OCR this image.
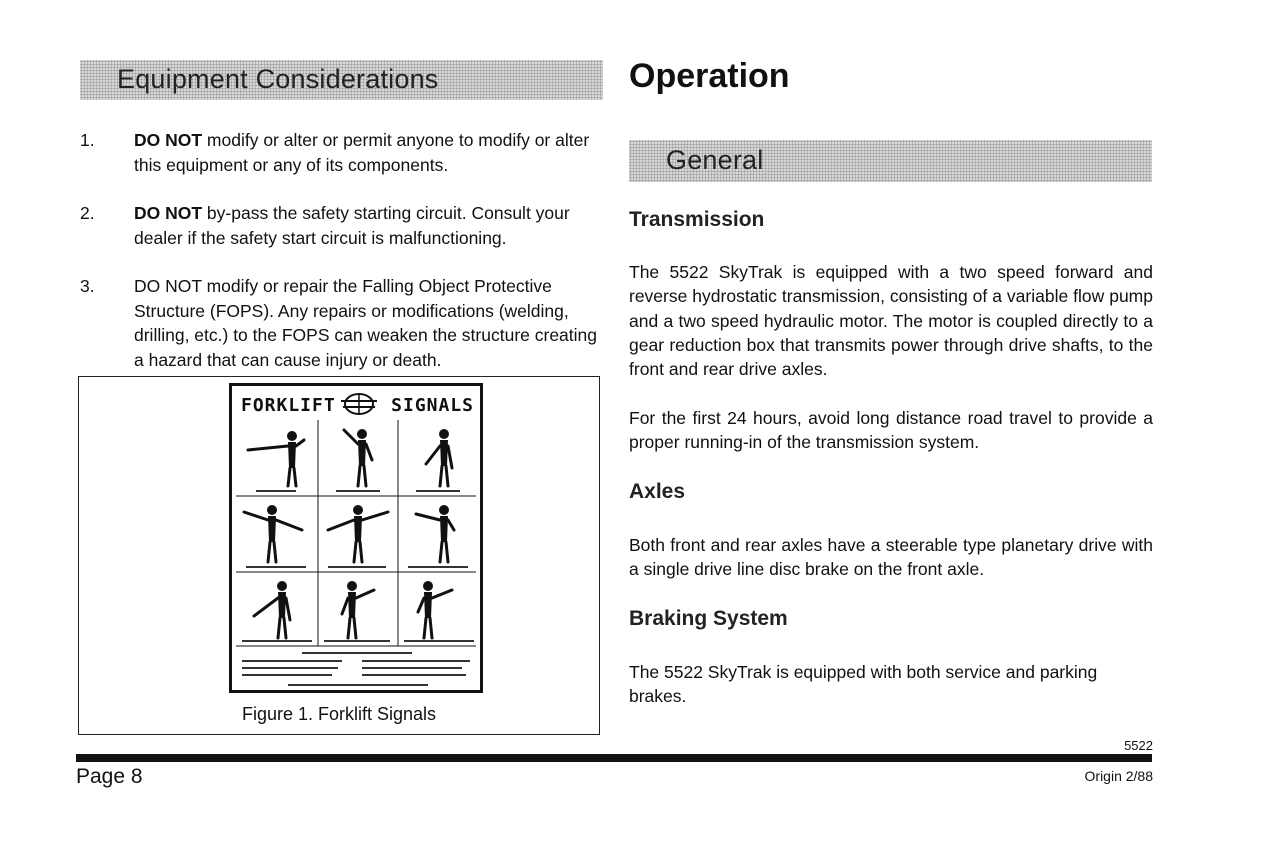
Equipment Considerations
1. DO NOT modify or alter or permit anyone to modify or alter this equipment or any of its components.
2. DO NOT by-pass the safety starting circuit. Consult your dealer if the safety start circuit is malfunctioning.
3. DO NOT modify or repair the Falling Object Protective Structure (FOPS). Any repairs or modifications (welding, drilling, etc.) to the FOPS can weaken the structure creating a hazard that can cause injury or death.
FORKLIFT	SIGNALS
Figure 1. Forklift Signals
Operation
General
Transmission
The 5522 SkyTrak is equipped with a two speed forward and reverse hydrostatic transmission, consisting of a variable flow pump and a two speed hydraulic motor. The motor is coupled directly to a gear reduction box that transmits power through drive shafts, to the front and rear drive axles.
For the first 24 hours, avoid long distance road travel to provide a proper running-in of the transmission system.
Axles
Both front and rear axles have a steerable type planetary drive with a single drive line disc brake on the front axle.
Braking System
The 5522 SkyTrak is equipped with both service and parking brakes.
5522
Page 8	Origin 2/88
